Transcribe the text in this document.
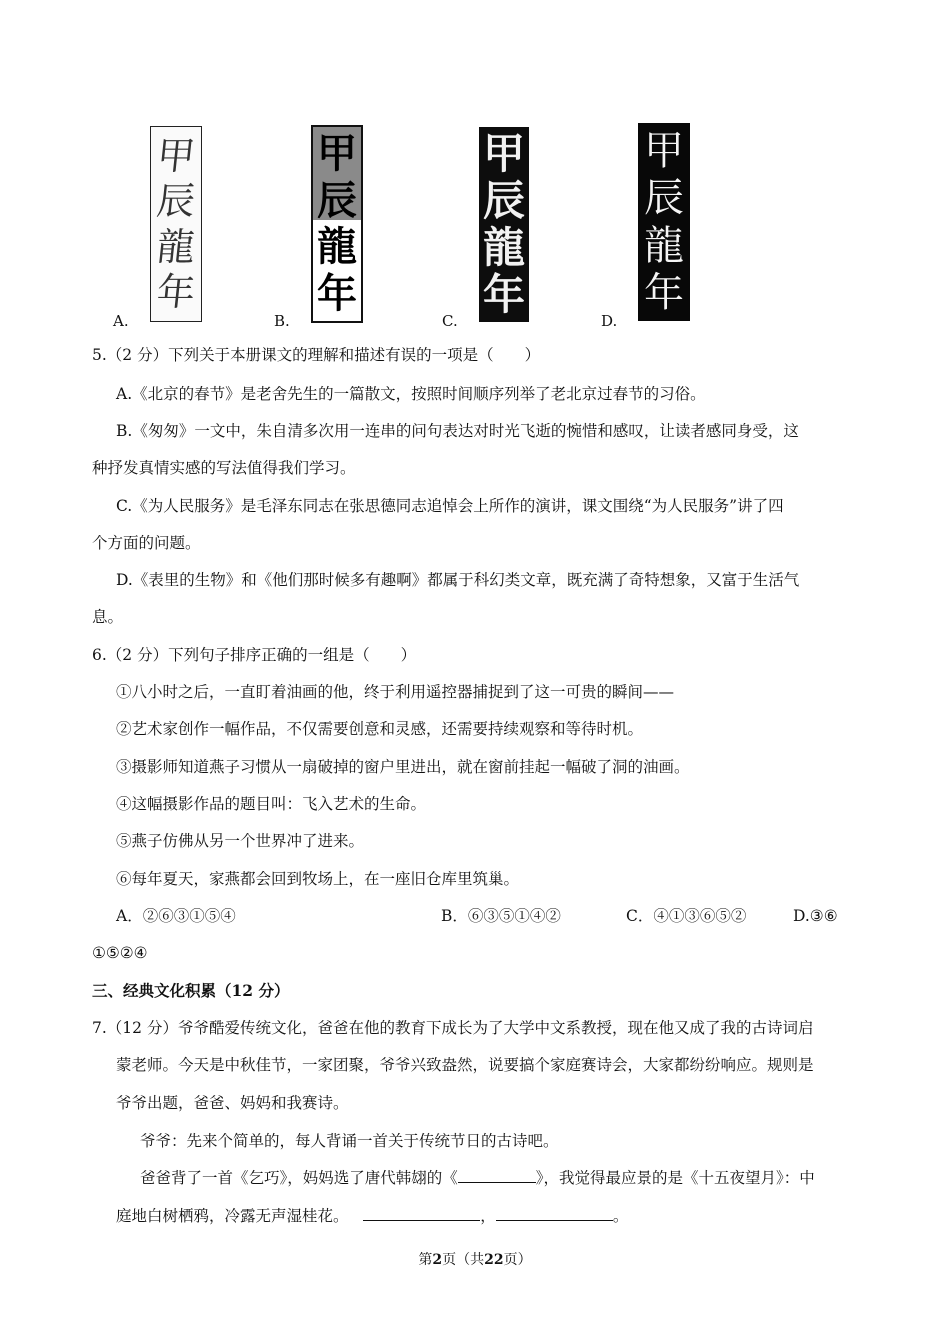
甲
辰
龍
年
甲
辰
龍
年
甲
辰
龍
年
甲
辰
龍
年
A.	B.	C.	D.
5.（2 分）下列关于本册课文的理解和描述有误的一项是（　　）
A.《北京的春节》是老舍先生的一篇散文，按照时间顺序列举了老北京过春节的习俗。
B.《匆匆》一文中，朱自清多次用一连串的问句表达对时光飞逝的惋惜和感叹，让读者感同身受，这
种抒发真情实感的写法值得我们学习。
C.《为人民服务》是毛泽东同志在张思德同志追悼会上所作的演讲，课文围绕“为人民服务”讲了四
个方面的问题。
D.《表里的生物》和《他们那时候多有趣啊》都属于科幻类文章，既充满了奇特想象，又富于生活气
息。
6.（2 分）下列句子排序正确的一组是（　　）
①八小时之后，一直盯着油画的他，终于利用遥控器捕捉到了这一可贵的瞬间——
②艺术家创作一幅作品，不仅需要创意和灵感，还需要持续观察和等待时机。
③摄影师知道燕子习惯从一扇破掉的窗户里进出，就在窗前挂起一幅破了洞的油画。
④这幅摄影作品的题目叫：飞入艺术的生命。
⑤燕子仿佛从另一个世界冲了进来。
⑥每年夏天，家燕都会回到牧场上，在一座旧仓库里筑巢。
A．②⑥③①⑤④	B．⑥③⑤①④②	C．④①③⑥⑤②	D.③⑥
①⑤②④
三、经典文化积累（12 分）
7.（12 分）爷爷酷爱传统文化，爸爸在他的教育下成长为了大学中文系教授，现在他又成了我的古诗词启
蒙老师。今天是中秋佳节，一家团聚，爷爷兴致盎然，说要搞个家庭赛诗会，大家都纷纷响应。规则是
爷爷出题，爸爸、妈妈和我赛诗。
爷爷：先来个简单的，每人背诵一首关于传统节日的古诗吧。
爸爸背了一首《乞巧》，妈妈选了唐代韩翃的《	》，我觉得最应景的是《十五夜望月》：中
庭地白树栖鸦，冷露无声湿桂花。	，	。
第2页（共22页）
